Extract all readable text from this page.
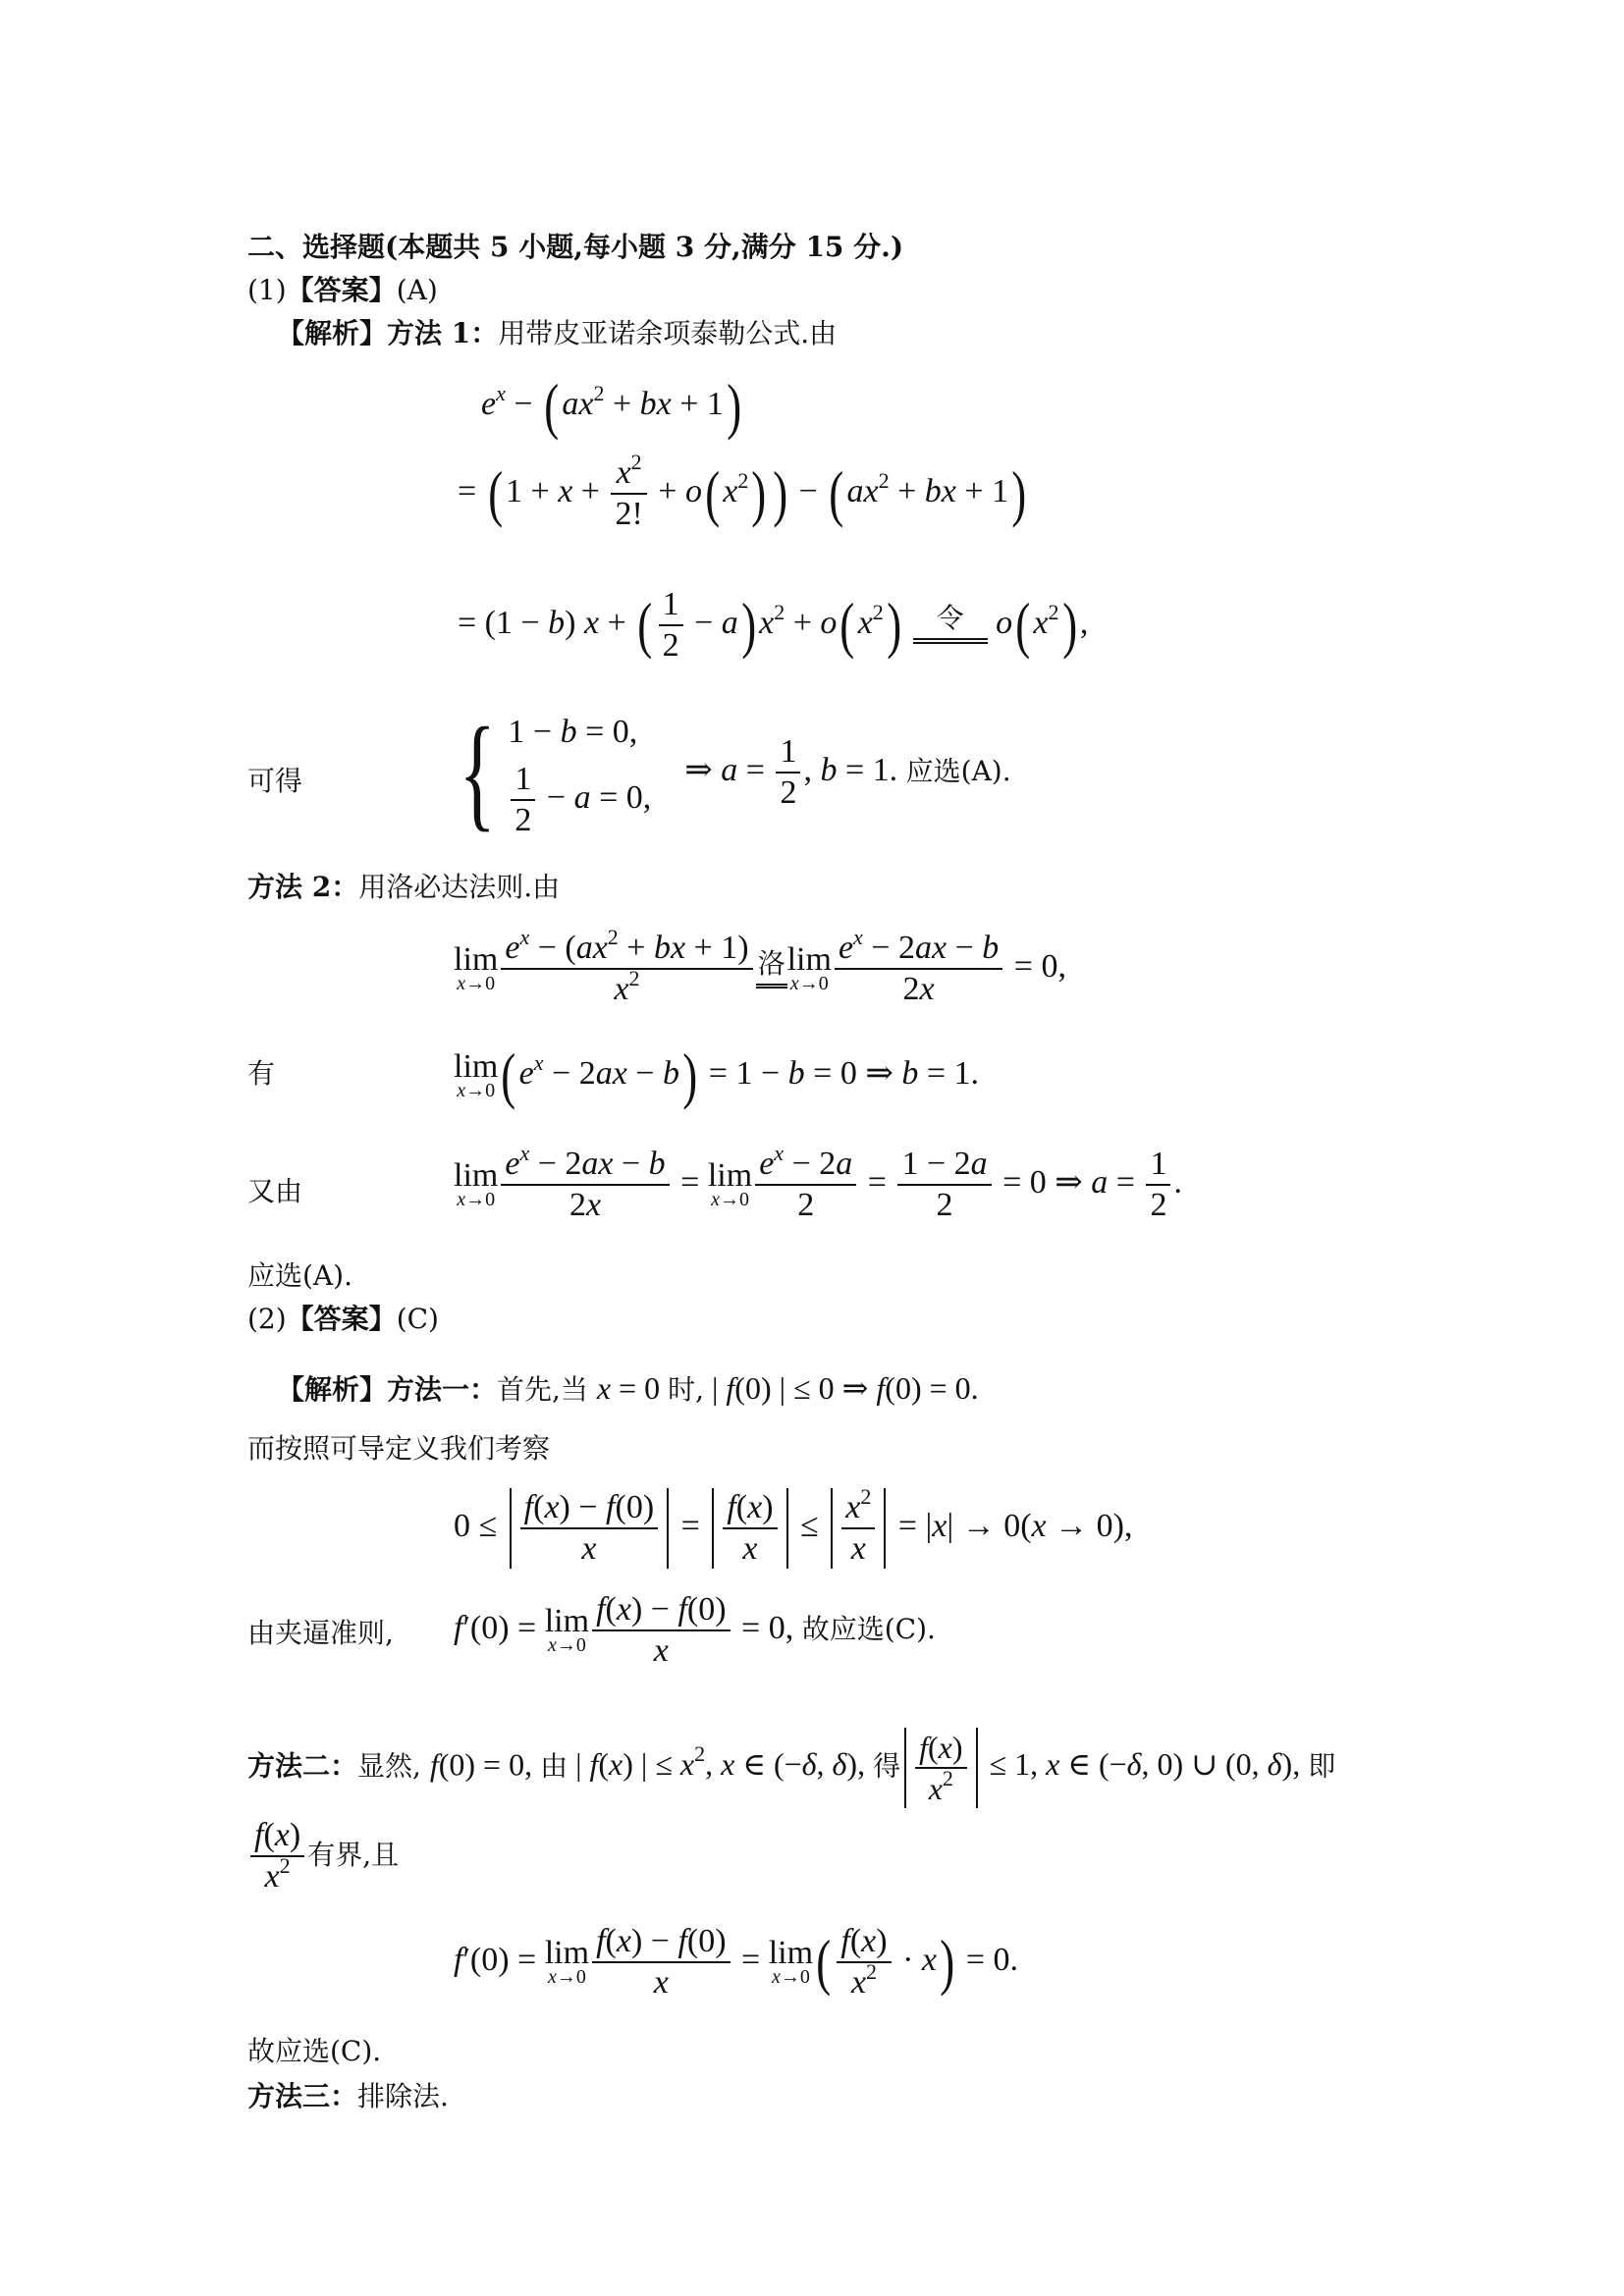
二、选择题(本题共 5 小题,每小题 3 分,满分 15 分.)
(1)【答案】(A)
【解析】方法 1：用带皮亚诺余项泰勒公式.由
$e^x - (ax^2$ + bx + 1)
= $(1 + x + \frac{x^2}{2!} + o(x^2)) - (ax^2$ + bx + 1)
= (1 − b) x + ( $\frac{1}{2} - a)x^2 + o(x^2)$ 令 $o(x^2)$,
可得 { 1 − b = 0,
$\frac{1}{2} - a = 0$,
⇒ $a = \frac{1}{2}$ , b = 1. 应选(A).
方法 2：用洛必达法则.由
lim
$x\to 0 \frac{e^x - (ax^2 + bx + 1)}{x^2}$ 洛lim
$x\to 0 \frac{e^x - 2ax - b}{2x} = 0$,
有	lim
x→0 $(e^x - 2ax - b) = 1 - b = 0$ ⇒ b = 1.
又由	lim
$x\to 0 \frac{e^x - 2ax - b}{2x} = \lim$
$x\to 0 \frac{e^x - 2a}{2} = \frac{1 - 2a}{2} = 0$ ⇒ $a = \frac{1}{2}$ .
应选(A).
(2)【答案】(C)
【解析】方法一：首先,当 x = 0 时, | f(0) | ≤ 0 ⇒ f(0) = 0.
而按照可导定义我们考察
$0 \le \frac{f(x) - f(0)}{x} = \frac{f(x)}{x} \le \frac{x^2}{x} = |x| \to 0(x \to 0)$,
由夹逼准则, f′(0) = lim
$x\to 0 \frac{f(x) - f(0)}{x} = 0$, 故应选(C).
方法二：显然, f(0) = 0, 由 | f(x) | ≤ $x^2$, x ∈ (−δ, δ), 得 $\frac{f(x)}{x^2} \le 1$, x ∈ (−δ, 0) ∪ (0, δ), 即
$\frac{f(x)}{x^2}$ 有界,且
f′(0) = lim
$x\to 0 \frac{f(x) - f(0)}{x} = \lim$
x→0 ( $\frac{f(x)}{x^2} \cdot x) = 0$.
故应选(C).
方法三：排除法.
